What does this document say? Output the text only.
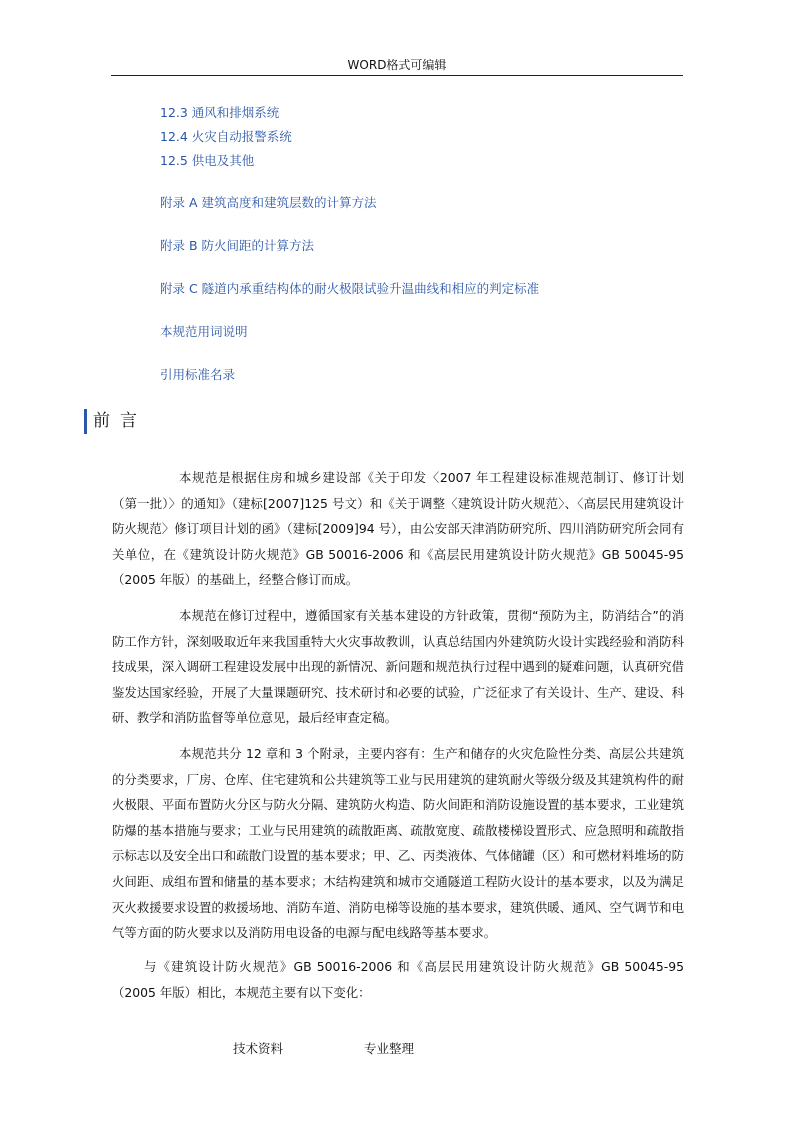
WORD格式可编辑
12.3 通风和排烟系统
12.4 火灾自动报警系统
12.5 供电及其他
附录 A 建筑高度和建筑层数的计算方法
附录 B 防火间距的计算方法
附录 C 隧道内承重结构体的耐火极限试验升温曲线和相应的判定标准
本规范用词说明
引用标准名录
前言

本规范是根据住房和城乡建设部《关于印发〈2007 年工程建设标准规范制订、修订计划（第一批）〉的通知》（建标[2007]125 号文）和《关于调整〈建筑设计防火规范〉、〈高层民用建筑设计防火规范〉修订项目计划的函》（建标[2009]94 号），由公安部天津消防研究所、四川消防研究所会同有关单位，在《建筑设计防火规范》GB 50016-2006 和《高层民用建筑设计防火规范》GB 50045-95（2005 年版）的基础上，经整合修订而成。

本规范在修订过程中，遵循国家有关基本建设的方针政策，贯彻“预防为主，防消结合”的消防工作方针，深刻吸取近年来我国重特大火灾事故教训，认真总结国内外建筑防火设计实践经验和消防科技成果，深入调研工程建设发展中出现的新情况、新问题和规范执行过程中遇到的疑难问题，认真研究借鉴发达国家经验，开展了大量课题研究、技术研讨和必要的试验，广泛征求了有关设计、生产、建设、科研、教学和消防监督等单位意见，最后经审查定稿。

本规范共分 12 章和 3 个附录，主要内容有：生产和储存的火灾危险性分类、高层公共建筑的分类要求，厂房、仓库、住宅建筑和公共建筑等工业与民用建筑的建筑耐火等级分级及其建筑构件的耐火极限、平面布置防火分区与防火分隔、建筑防火构造、防火间距和消防设施设置的基本要求，工业建筑防爆的基本措施与要求；工业与民用建筑的疏散距离、疏散宽度、疏散楼梯设置形式、应急照明和疏散指示标志以及安全出口和疏散门设置的基本要求；甲、乙、丙类液体、气体储罐（区）和可燃材料堆场的防火间距、成组布置和储量的基本要求；木结构建筑和城市交通隧道工程防火设计的基本要求，以及为满足灭火救援要求设置的救援场地、消防车道、消防电梯等设施的基本要求，建筑供暖、通风、空气调节和电气等方面的防火要求以及消防用电设备的电源与配电线路等基本要求。

与《建筑设计防火规范》GB 50016-2006 和《高层民用建筑设计防火规范》GB 50045-95（2005 年版）相比，本规范主要有以下变化：

技术资料	专业整理
